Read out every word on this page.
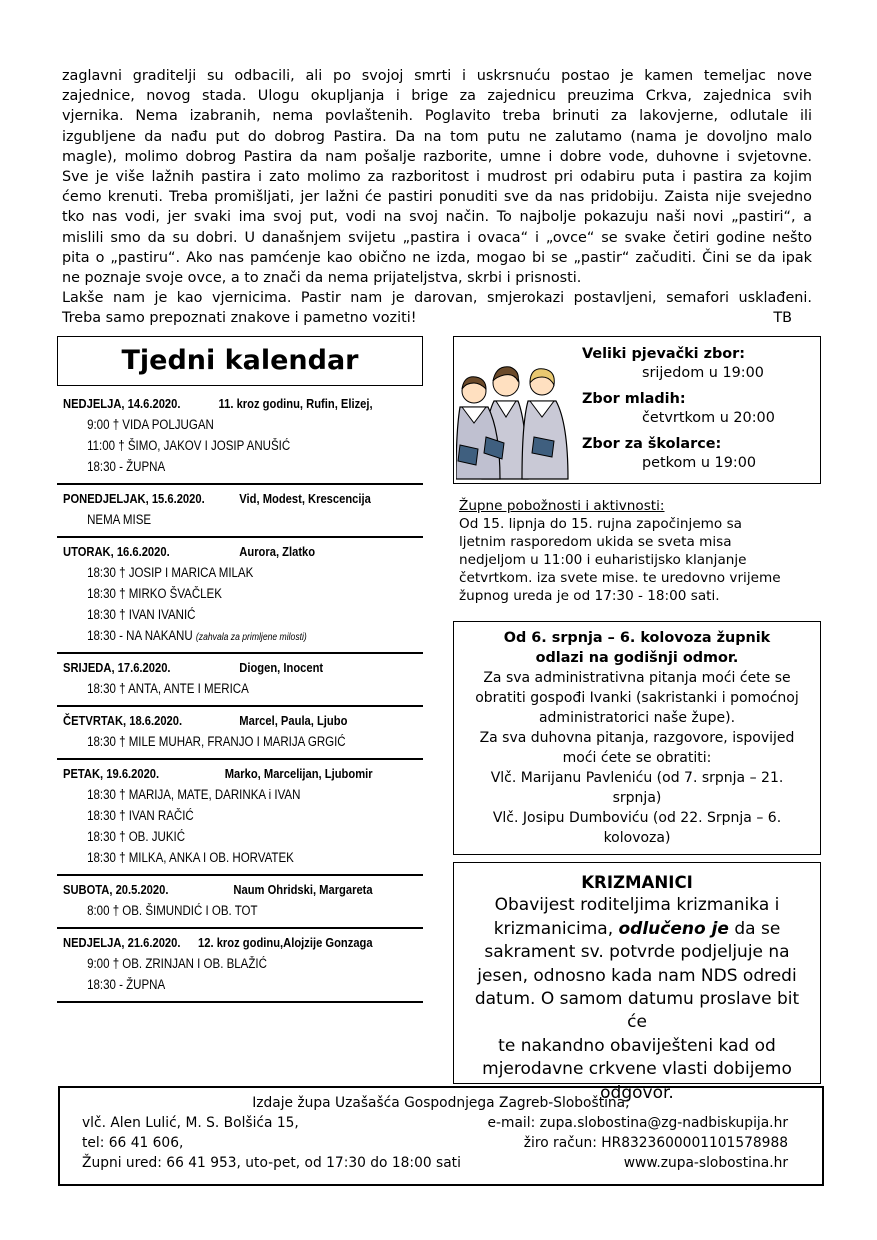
zaglavni graditelji su odbacili, ali po svojoj smrti i uskrsnuću postao je kamen temeljac nove
zajednice, novog stada. Ulogu okupljanja i brige za zajednicu preuzima Crkva, zajednica svih
vjernika. Nema izabranih, nema povlaštenih. Poglavito treba brinuti za lakovjerne, odlutale ili
izgubljene da nađu put do dobrog Pastira. Da na tom putu ne zalutamo (nama je dovoljno malo
magle), molimo dobrog Pastira da nam pošalje razborite, umne i dobre vode, duhovne i svjetovne.
Sve je više lažnih pastira i zato molimo za razboritost i mudrost pri odabiru puta i pastira za kojim
ćemo krenuti. Treba promišljati, jer lažni će pastiri ponuditi sve da nas pridobiju. Zaista nije svejedno
tko nas vodi, jer svaki ima svoj put, vodi na svoj način. To najbolje pokazuju naši novi „pastiri“, a
mislili smo da su dobri. U današnjem svijetu „pastira i ovaca“ i „ovce“ se svake četiri godine nešto
pita o „pastiru“. Ako nas pamćenje kao obično ne izda, mogao bi se „pastir“ začuditi. Čini se da ipak
ne poznaje svoje ovce, a to znači da nema prijateljstva, skrbi i prisnosti.
Lakše nam je kao vjernicima. Pastir nam je darovan, smjerokazi postavljeni, semafori usklađeni.
Treba samo prepoznati znakove i pametno voziti!	TB
Tjedni kalendar
NEDJELJA, 14.6.2020.	11. kroz godinu, Rufin, Elizej,
9:00 † VIDA POLJUGAN
11:00 † ŠIMO, JAKOV I JOSIP ANUŠIĆ
18:30 - ŽUPNA
PONEDJELJAK, 15.6.2020.	Vid, Modest, Krescencija
NEMA MISE
UTORAK, 16.6.2020.	Aurora, Zlatko
18:30 † JOSIP I MARICA MILAK
18:30 † MIRKO ŠVAČLEK
18:30 † IVAN IVANIĆ
18:30 - NA NAKANU (zahvala za primljene milosti)
SRIJEDA, 17.6.2020.	Diogen, Inocent
18:30 † ANTA, ANTE I MERICA
ČETVRTAK, 18.6.2020.	Marcel, Paula, Ljubo
18:30 † MILE MUHAR, FRANJO I MARIJA GRGIĆ
PETAK, 19.6.2020.	Marko, Marcelijan, Ljubomir
18:30 † MARIJA, MATE, DARINKA i IVAN
18:30 † IVAN RAČIĆ
18:30 † OB. JUKIĆ
18:30 † MILKA, ANKA I OB. HORVATEK
SUBOTA, 20.5.2020.	Naum Ohridski, Margareta
8:00 † OB. ŠIMUNDIĆ I OB. TOT
NEDJELJA, 21.6.2020.	12. kroz godinu,Alojzije Gonzaga
9:00 † OB. ZRINJAN I OB. BLAŽIĆ
18:30 - ŽUPNA
Veliki pjevački zbor:
srijedom u 19:00
Zbor mladih:
četvrtkom u 20:00
Zbor za školarce:
petkom u 19:00
Župne pobožnosti i aktivnosti:
Od 15. lipnja do 15. rujna započinjemo sa
ljetnim rasporedom ukida se sveta misa
nedjeljom u 11:00 i euharistijsko klanjanje
četvrtkom. iza svete mise. te uredovno vrijeme
župnog ureda je od 17:30 - 18:00 sati.
Od 6. srpnja – 6. kolovoza župnik
odlazi na godišnji odmor.
Za sva administrativna pitanja moći ćete se
obratiti gospođi Ivanki (sakristanki i pomoćnoj
administratorici naše župe).
Za sva duhovna pitanja, razgovore, ispovijed
moći ćete se obratiti:
Vlč. Marijanu Pavleniću (od 7. srpnja – 21.
srpnja)
Vlč. Josipu Dumboviću (od 22. Srpnja – 6.
kolovoza)
KRIZMANICI
Obavijest roditeljima krizmanika i
krizmanicima, odlučeno je da se
sakrament sv. potvrde podjeljuje na
jesen, odnosno kada nam NDS odredi
datum. O samom datumu proslave bit će
te nakandno obaviješteni kad od
mjerodavne crkvene vlasti dobijemo
odgovor.
Izdaje župa Uzašašća Gospodnjega Zagreb-Sloboština;
vlč. Alen Lulić, M. S. Bolšića 15,
tel: 66 41 606,
Župni ured: 66 41 953, uto-pet, od 17:30 do 18:00 sati
e-mail: zupa.slobostina@zg-nadbiskupija.hr
žiro račun: HR8323600001101578988
www.zupa-slobostina.hr
